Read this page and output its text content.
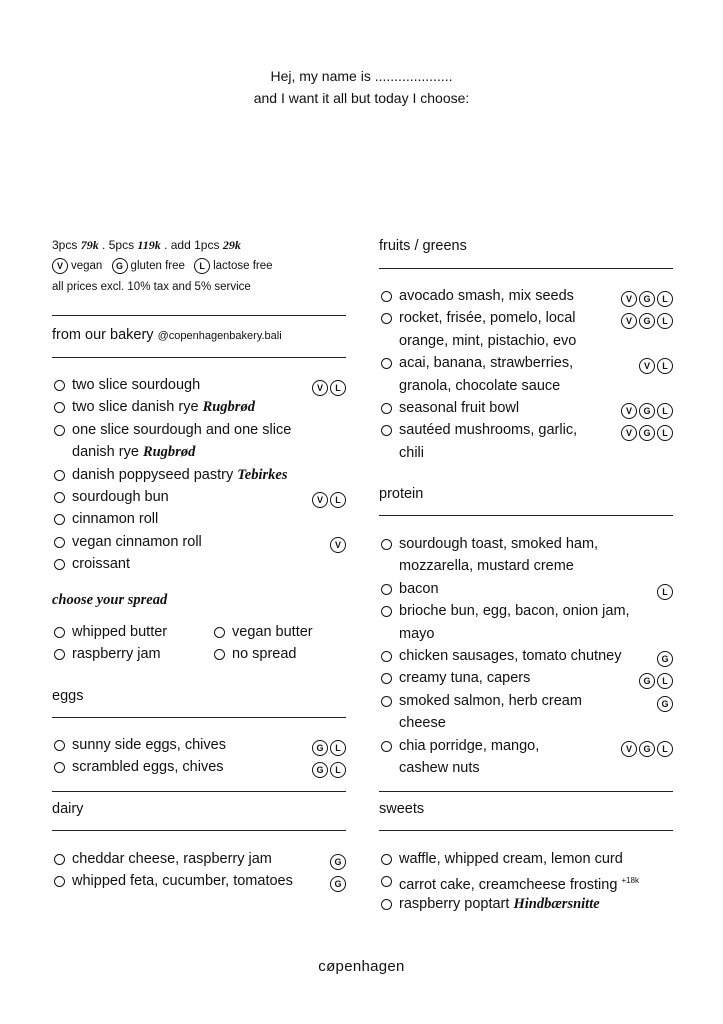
Hej, my name is ....................
and I want it all but today I choose:
3pcs 79k . 5pcs 119k . add 1pcs 29k
V vegan G gluten free L lactose free
all prices excl. 10% tax and 5% service
from our bakery @copenhagenbakery.bali
two slice sourdough	V L
two slice danish rye Rugbrød
one slice sourdough and one slice
danish rye Rugbrød
danish poppyseed pastry Tebirkes
sourdough bun	V L
cinnamon roll
vegan cinnamon roll	V
croissant
choose your spread
whipped butter	vegan butter
raspberry jam	no spread
eggs
sunny side eggs, chives	G L
scrambled eggs, chives	G L
dairy
cheddar cheese, raspberry jam	G
whipped feta, cucumber, tomatoes	G
fruits / greens
avocado smash, mix seeds	V G L
rocket, frisée, pomelo, local	V G L
orange, mint, pistachio, evo
acai, banana, strawberries,	V L
granola, chocolate sauce
seasonal fruit bowl	V G L
sautéed mushrooms, garlic,	V G L
chili
protein
sourdough toast, smoked ham,
mozzarella, mustard creme
bacon	L
brioche bun, egg, bacon, onion jam,
mayo
chicken sausages, tomato chutney	G
creamy tuna, capers	G L
smoked salmon, herb cream	G
cheese
chia porridge, mango,	V G L
cashew nuts
sweets
waffle, whipped cream, lemon curd
carrot cake, creamcheese frosting $^{+18k}$
raspberry poptart Hindbærsnitte
cøpenhagen
